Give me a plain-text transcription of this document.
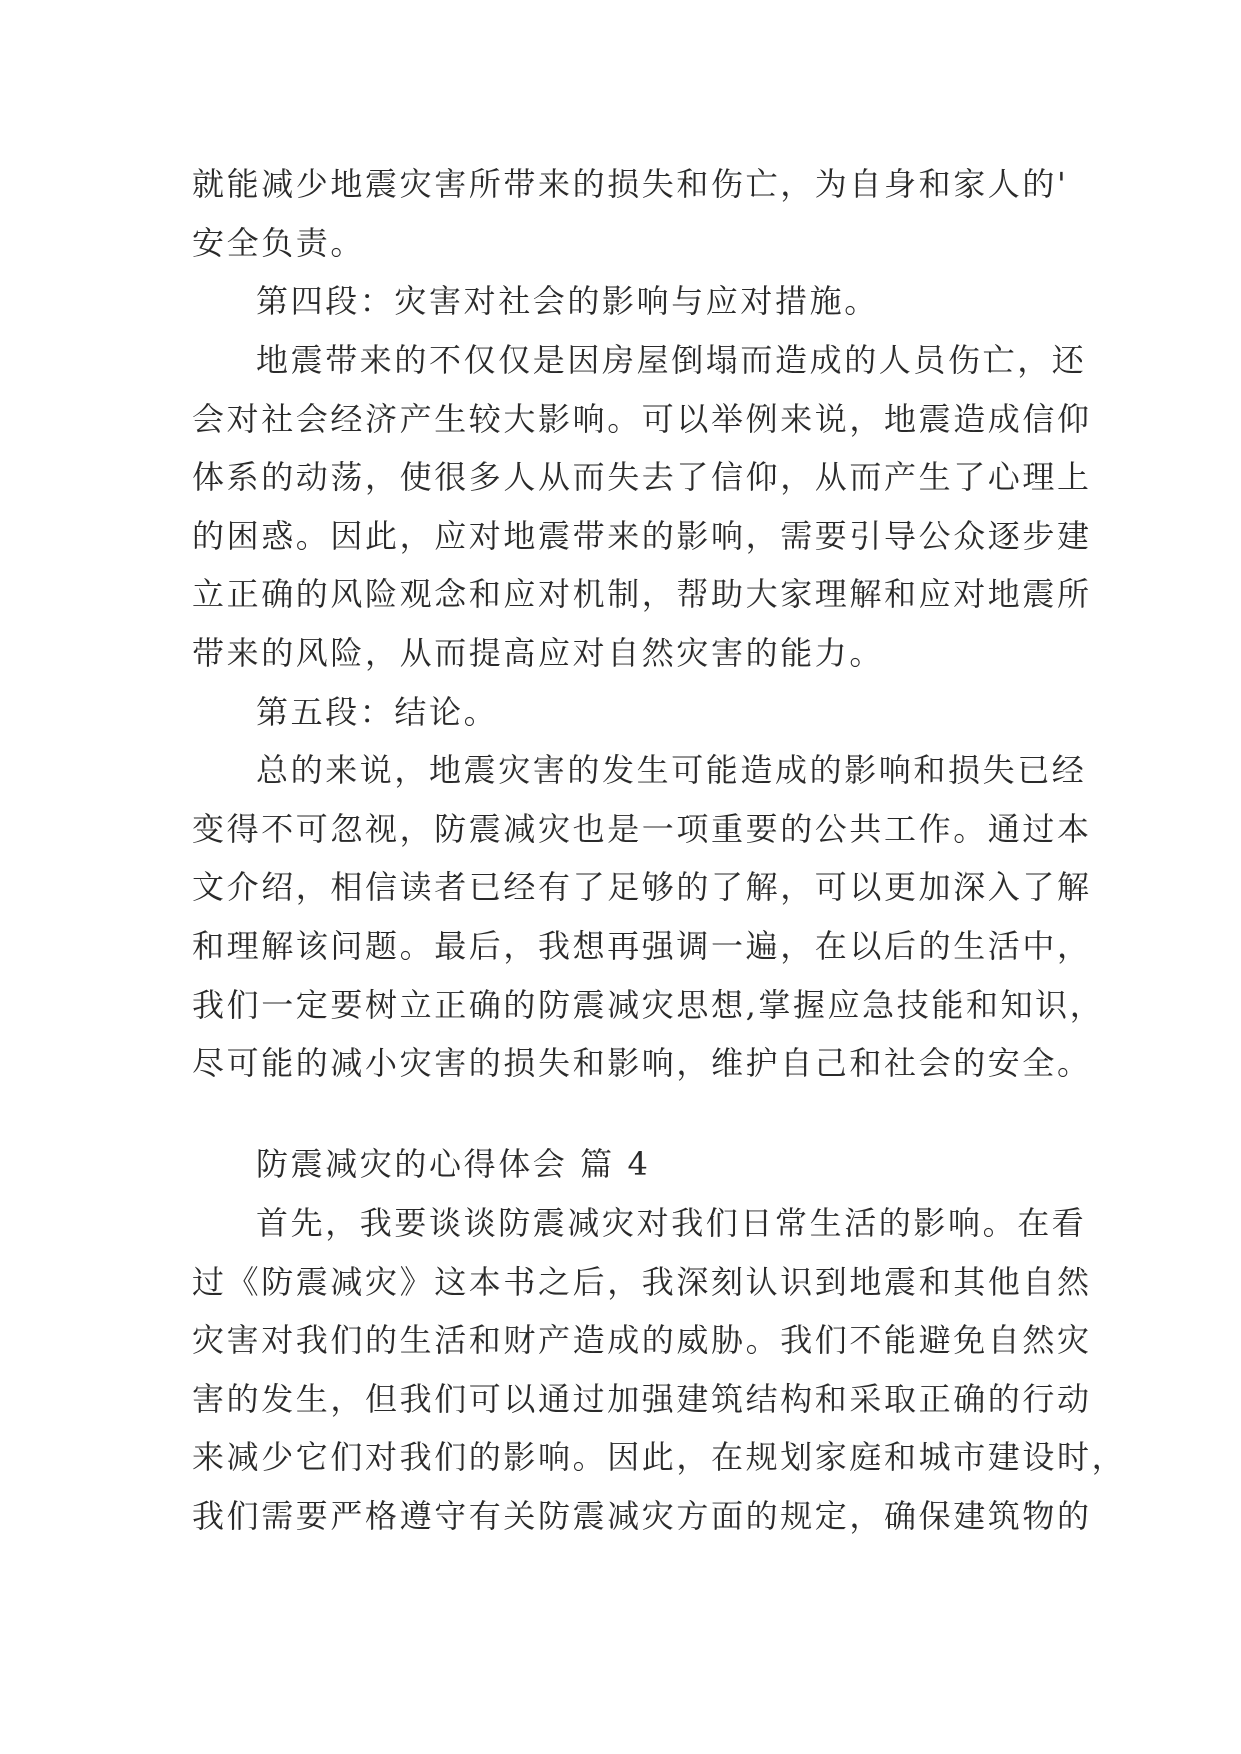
就能减少地震灾害所带来的损失和伤亡，为自身和家人的'

安全负责。

第四段：灾害对社会的影响与应对措施。

地震带来的不仅仅是因房屋倒塌而造成的人员伤亡，还

会对社会经济产生较大影响。可以举例来说，地震造成信仰

体系的动荡，使很多人从而失去了信仰，从而产生了心理上

的困惑。因此，应对地震带来的影响，需要引导公众逐步建

立正确的风险观念和应对机制，帮助大家理解和应对地震所

带来的风险，从而提高应对自然灾害的能力。

第五段：结论。

总的来说，地震灾害的发生可能造成的影响和损失已经

变得不可忽视，防震减灾也是一项重要的公共工作。通过本

文介绍，相信读者已经有了足够的了解，可以更加深入了解

和理解该问题。最后，我想再强调一遍，在以后的生活中，

我们一定要树立正确的防震减灾思想,掌握应急技能和知识，

尽可能的减小灾害的损失和影响，维护自己和社会的安全。

防震减灾的心得体会 篇 4

首先，我要谈谈防震减灾对我们日常生活的影响。在看

过《防震减灾》这本书之后，我深刻认识到地震和其他自然

灾害对我们的生活和财产造成的威胁。我们不能避免自然灾

害的发生，但我们可以通过加强建筑结构和采取正确的行动

来减少它们对我们的影响。因此，在规划家庭和城市建设时，

我们需要严格遵守有关防震减灾方面的规定，确保建筑物的
